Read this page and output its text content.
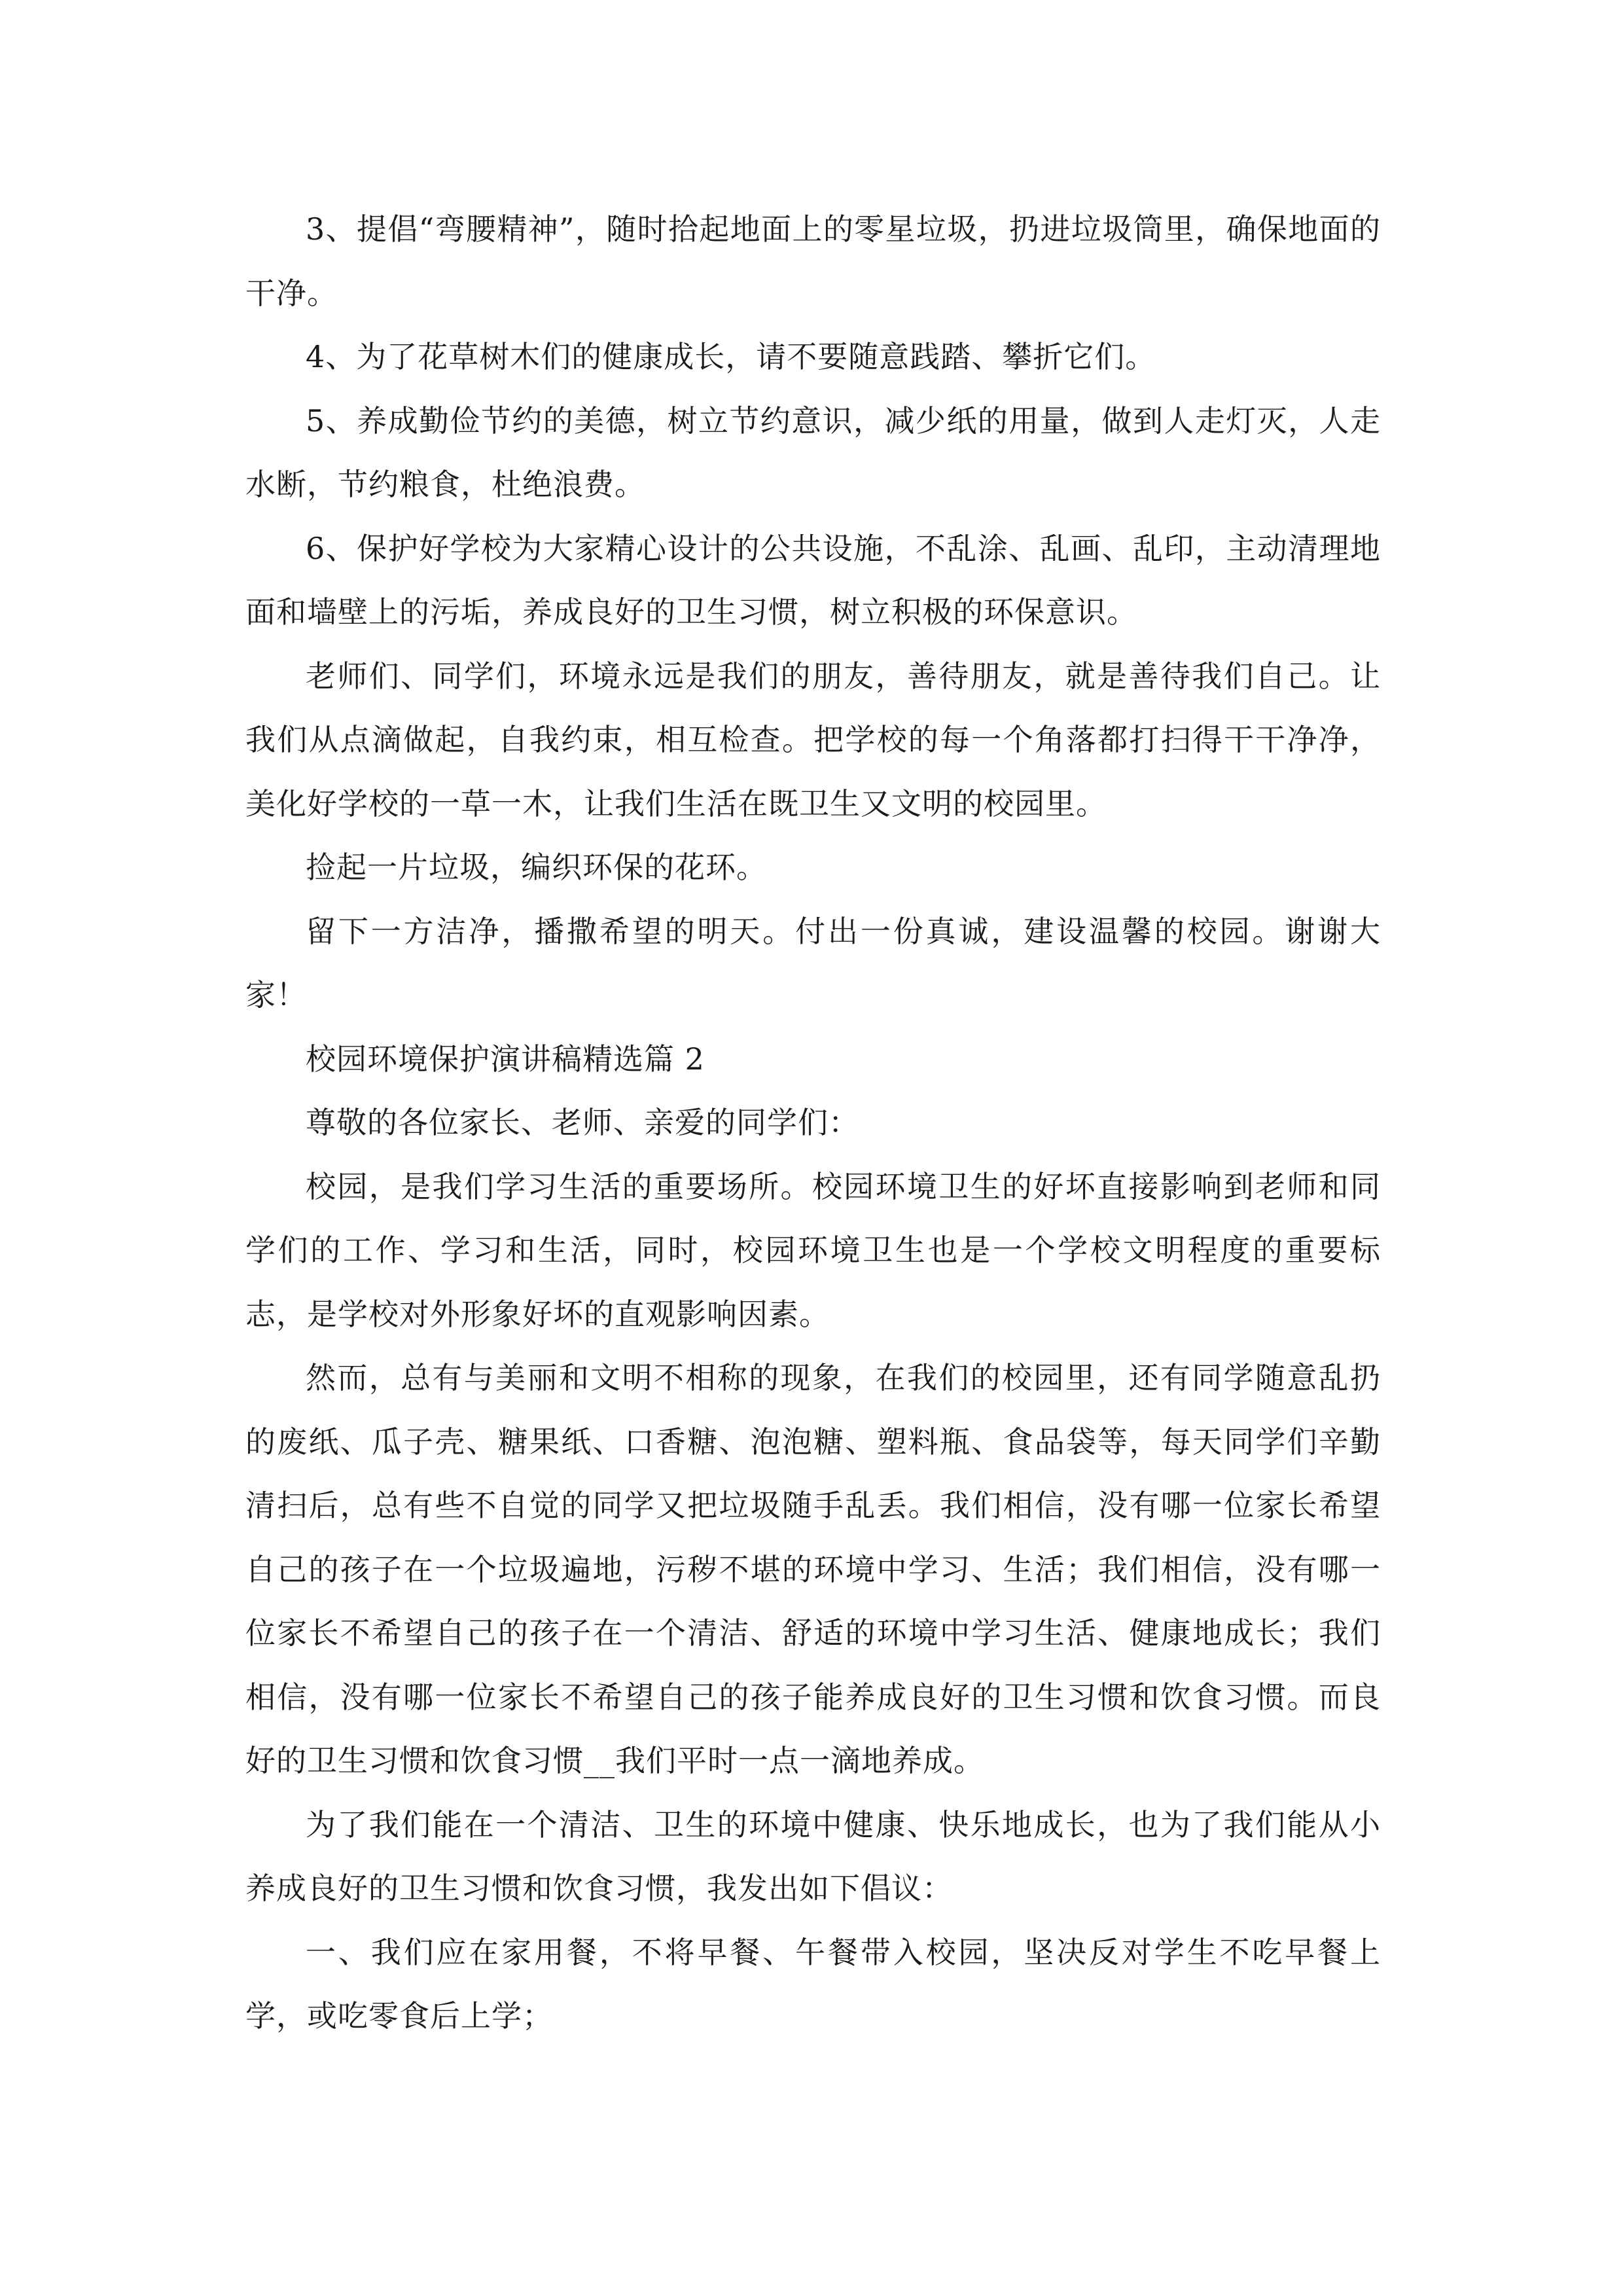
3、提倡“弯腰精神”，随时拾起地面上的零星垃圾，扔进垃圾筒里，确保地面的干净。

4、为了花草树木们的健康成长，请不要随意践踏、攀折它们。

5、养成勤俭节约的美德，树立节约意识，减少纸的用量，做到人走灯灭，人走水断，节约粮食，杜绝浪费。

6、保护好学校为大家精心设计的公共设施，不乱涂、乱画、乱印，主动清理地面和墙壁上的污垢，养成良好的卫生习惯，树立积极的环保意识。

老师们、同学们，环境永远是我们的朋友，善待朋友，就是善待我们自己。让我们从点滴做起，自我约束，相互检查。把学校的每一个角落都打扫得干干净净，美化好学校的一草一木，让我们生活在既卫生又文明的校园里。

捡起一片垃圾，编织环保的花环。

留下一方洁净，播撒希望的明天。付出一份真诚，建设温馨的校园。谢谢大家！

校园环境保护演讲稿精选篇 2

尊敬的各位家长、老师、亲爱的同学们：

校园，是我们学习生活的重要场所。校园环境卫生的好坏直接影响到老师和同学们的工作、学习和生活，同时，校园环境卫生也是一个学校文明程度的重要标志，是学校对外形象好坏的直观影响因素。

然而，总有与美丽和文明不相称的现象，在我们的校园里，还有同学随意乱扔的废纸、瓜子壳、糖果纸、口香糖、泡泡糖、塑料瓶、食品袋等，每天同学们辛勤清扫后，总有些不自觉的同学又把垃圾随手乱丢。我们相信，没有哪一位家长希望自己的孩子在一个垃圾遍地，污秽不堪的环境中学习、生活；我们相信，没有哪一位家长不希望自己的孩子在一个清洁、舒适的环境中学习生活、健康地成长；我们相信，没有哪一位家长不希望自己的孩子能养成良好的卫生习惯和饮食习惯。而良好的卫生习惯和饮食习惯__我们平时一点一滴地养成。

为了我们能在一个清洁、卫生的环境中健康、快乐地成长，也为了我们能从小养成良好的卫生习惯和饮食习惯，我发出如下倡议：

一、我们应在家用餐，不将早餐、午餐带入校园，坚决反对学生不吃早餐上学，或吃零食后上学；
